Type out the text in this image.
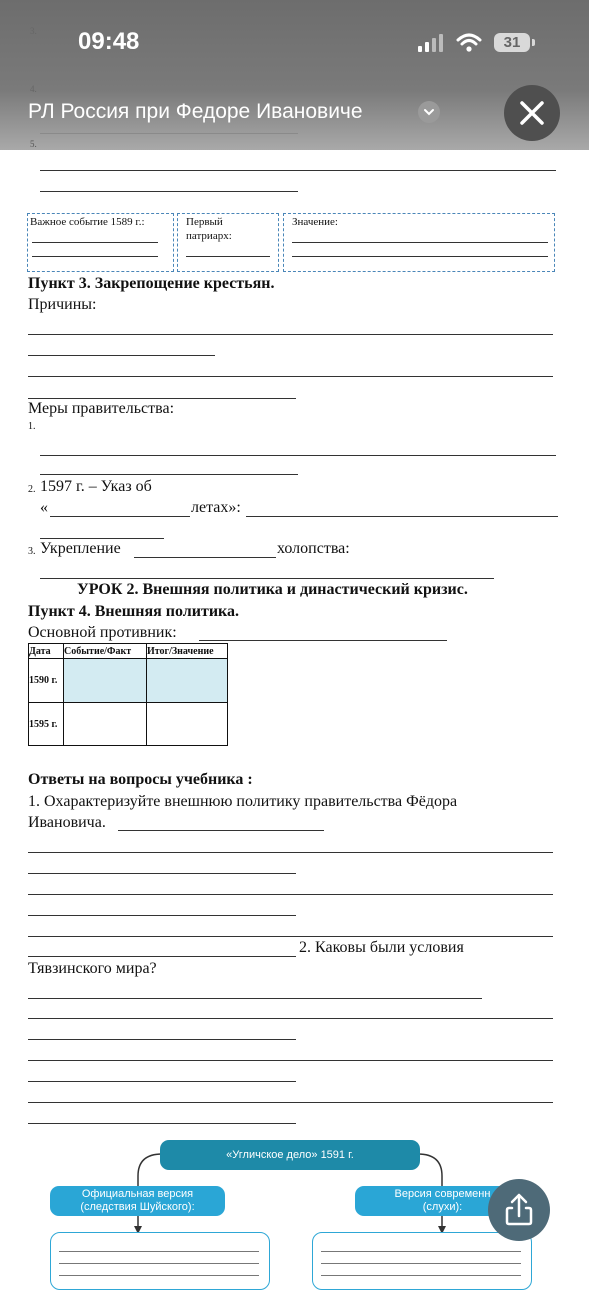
09:48	31
РЛ Россия при Федоре Ивановиче
3.
4.
5.
Важное событие 1589 г.:	Первый
патриарх:
Значение:
Пункт 3. Закрепощение крестьян.
Причины:
Меры правительства:
1.
2. 1597 г. – Указ об
«	летах»:
3. Укрепление	холопства:
УРОК 2. Внешняя политика и династический кризис.
Пункт 4. Внешняя политика.
Основной противник:
Дата	Событие/Факт	Итог/Значение
1590 г.		
1595 г.		
Ответы на вопросы учебника :
1. Охарактеризуйте внешнюю политику правительства Фёдора
Ивановича.
2. Каковы были условия
Тявзинского мира?
«Угличское дело» 1591 г.
Официальная версия
(следствия Шуйского):
Версия современн
(слухи):
